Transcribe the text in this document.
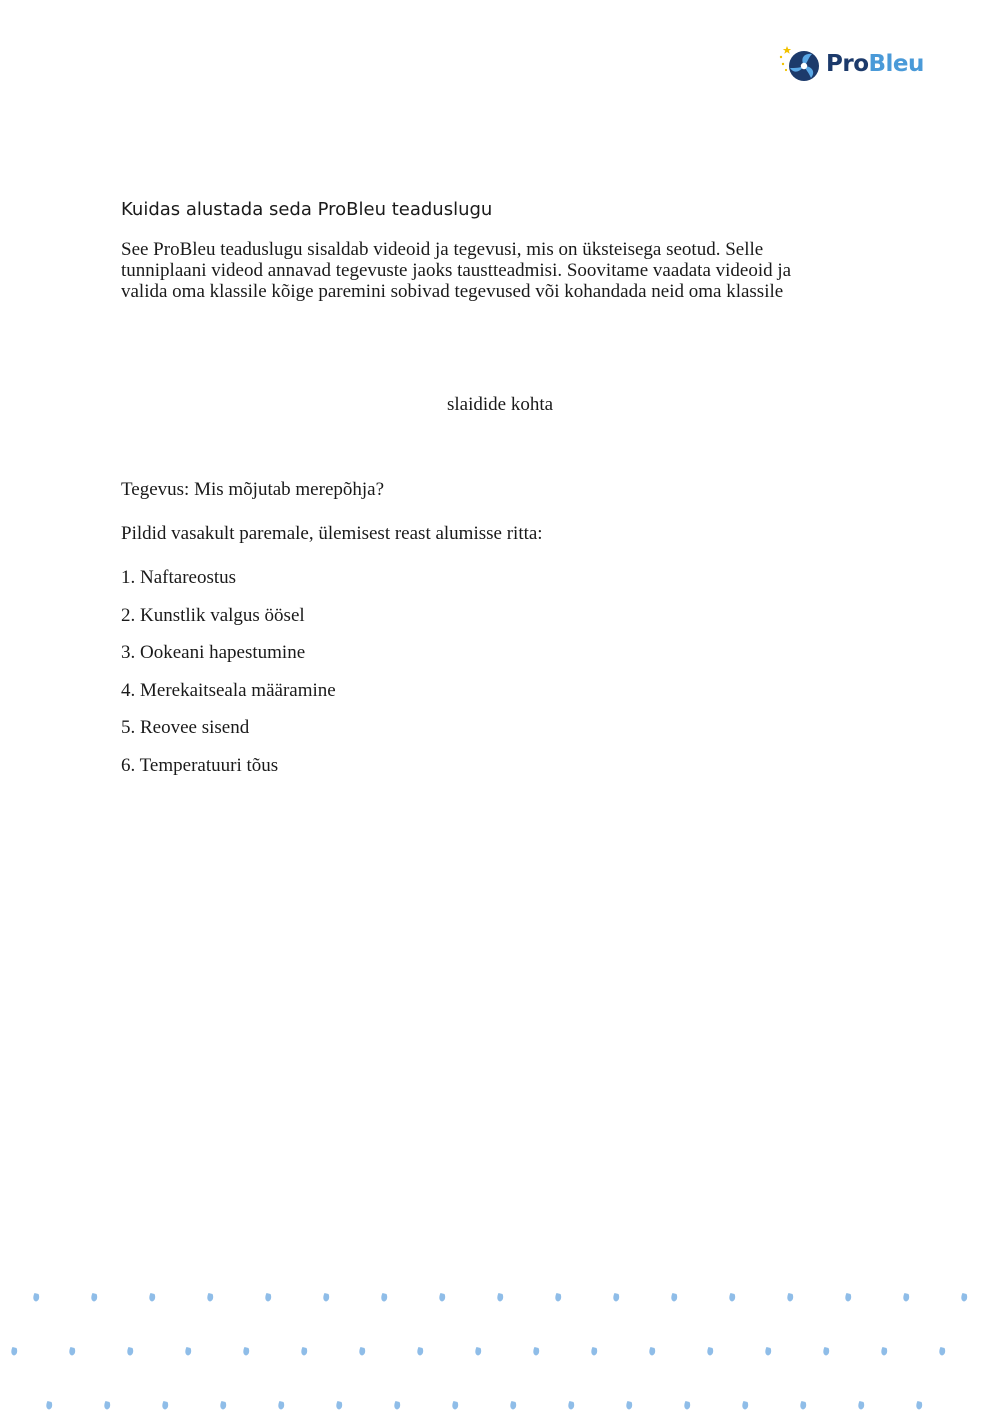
ProBleu
Kuidas alustada seda ProBleu teaduslugu

See ProBleu teaduslugu sisaldab videoid ja tegevusi, mis on üksteisega seotud. Selle
tunniplaani videod annavad tegevuste jaoks taustteadmisi. Soovitame vaadata videoid ja
valida oma klassile kõige paremini sobivad tegevused või kohandada neid oma klassile

slaidide kohta

Tegevus: Mis mõjutab merepõhja?

Pildid vasakult paremale, ülemisest reast alumisse ritta:

1. Naftareostus
2. Kunstlik valgus öösel
3. Ookeani hapestumine
4. Merekaitseala määramine
5. Reovee sisend
6. Temperatuuri tõus
